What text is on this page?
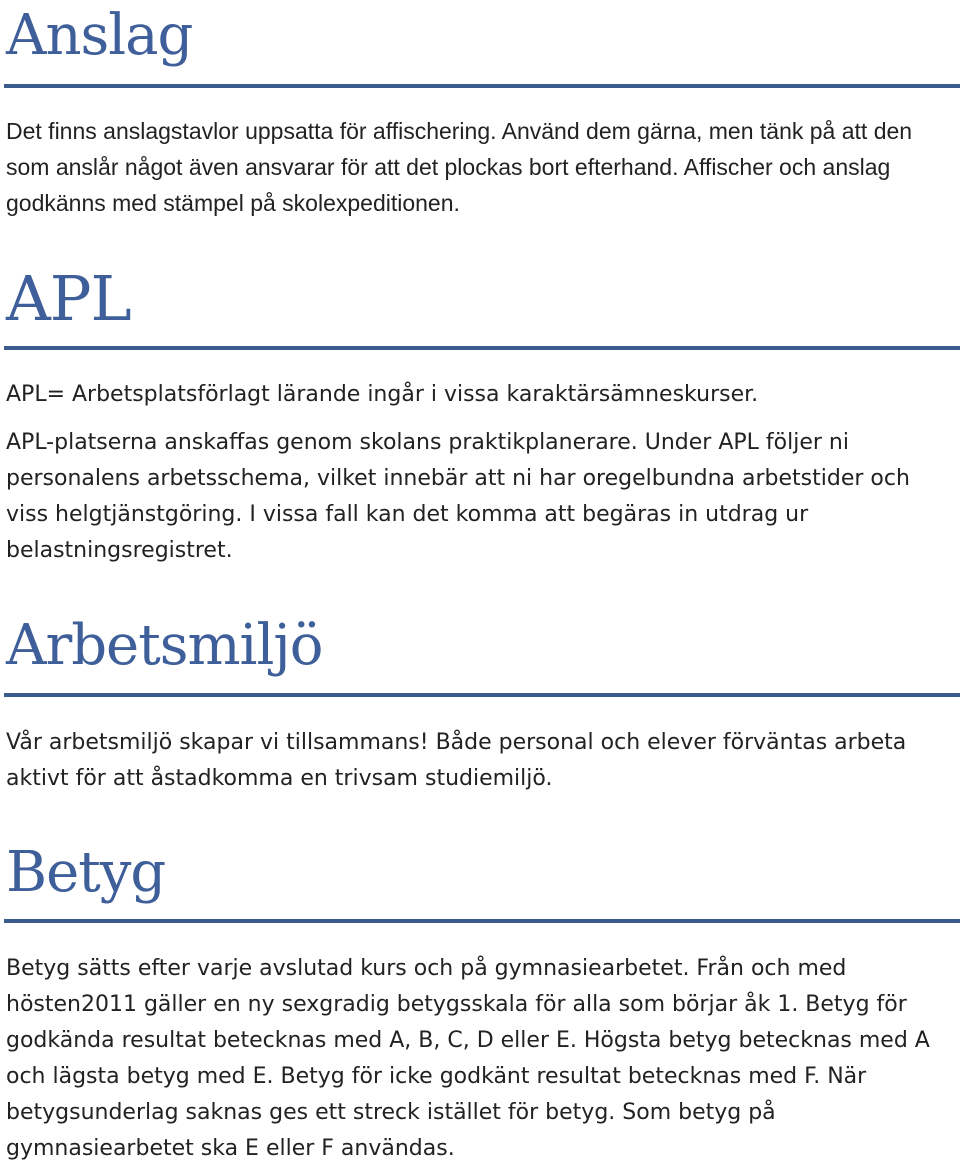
Anslag

Det finns anslagstavlor uppsatta för affischering. Använd dem gärna, men tänk på att den som anslår något även ansvarar för att det plockas bort efterhand. Affischer och anslag godkänns med stämpel på skolexpeditionen.

APL

APL= Arbetsplatsförlagt lärande ingår i vissa karaktärsämneskurser.

APL-platserna anskaffas genom skolans praktikplanerare. Under APL följer ni personalens arbetsschema, vilket innebär att ni har oregelbundna arbetstider och viss helgtjänstgöring. I vissa fall kan det komma att begäras in utdrag ur belastningsregistret.

Arbetsmiljö

Vår arbetsmiljö skapar vi tillsammans! Både personal och elever förväntas arbeta aktivt för att åstadkomma en trivsam studiemiljö.

Betyg

Betyg sätts efter varje avslutad kurs och på gymnasiearbetet. Från och med hösten2011 gäller en ny sexgradig betygsskala för alla som börjar åk 1. Betyg för godkända resultat betecknas med A, B, C, D eller E. Högsta betyg betecknas med A och lägsta betyg med E. Betyg för icke godkänt resultat betecknas med F. När betygsunderlag saknas ges ett streck istället för betyg. Som betyg på gymnasiearbetet ska E eller F användas.
